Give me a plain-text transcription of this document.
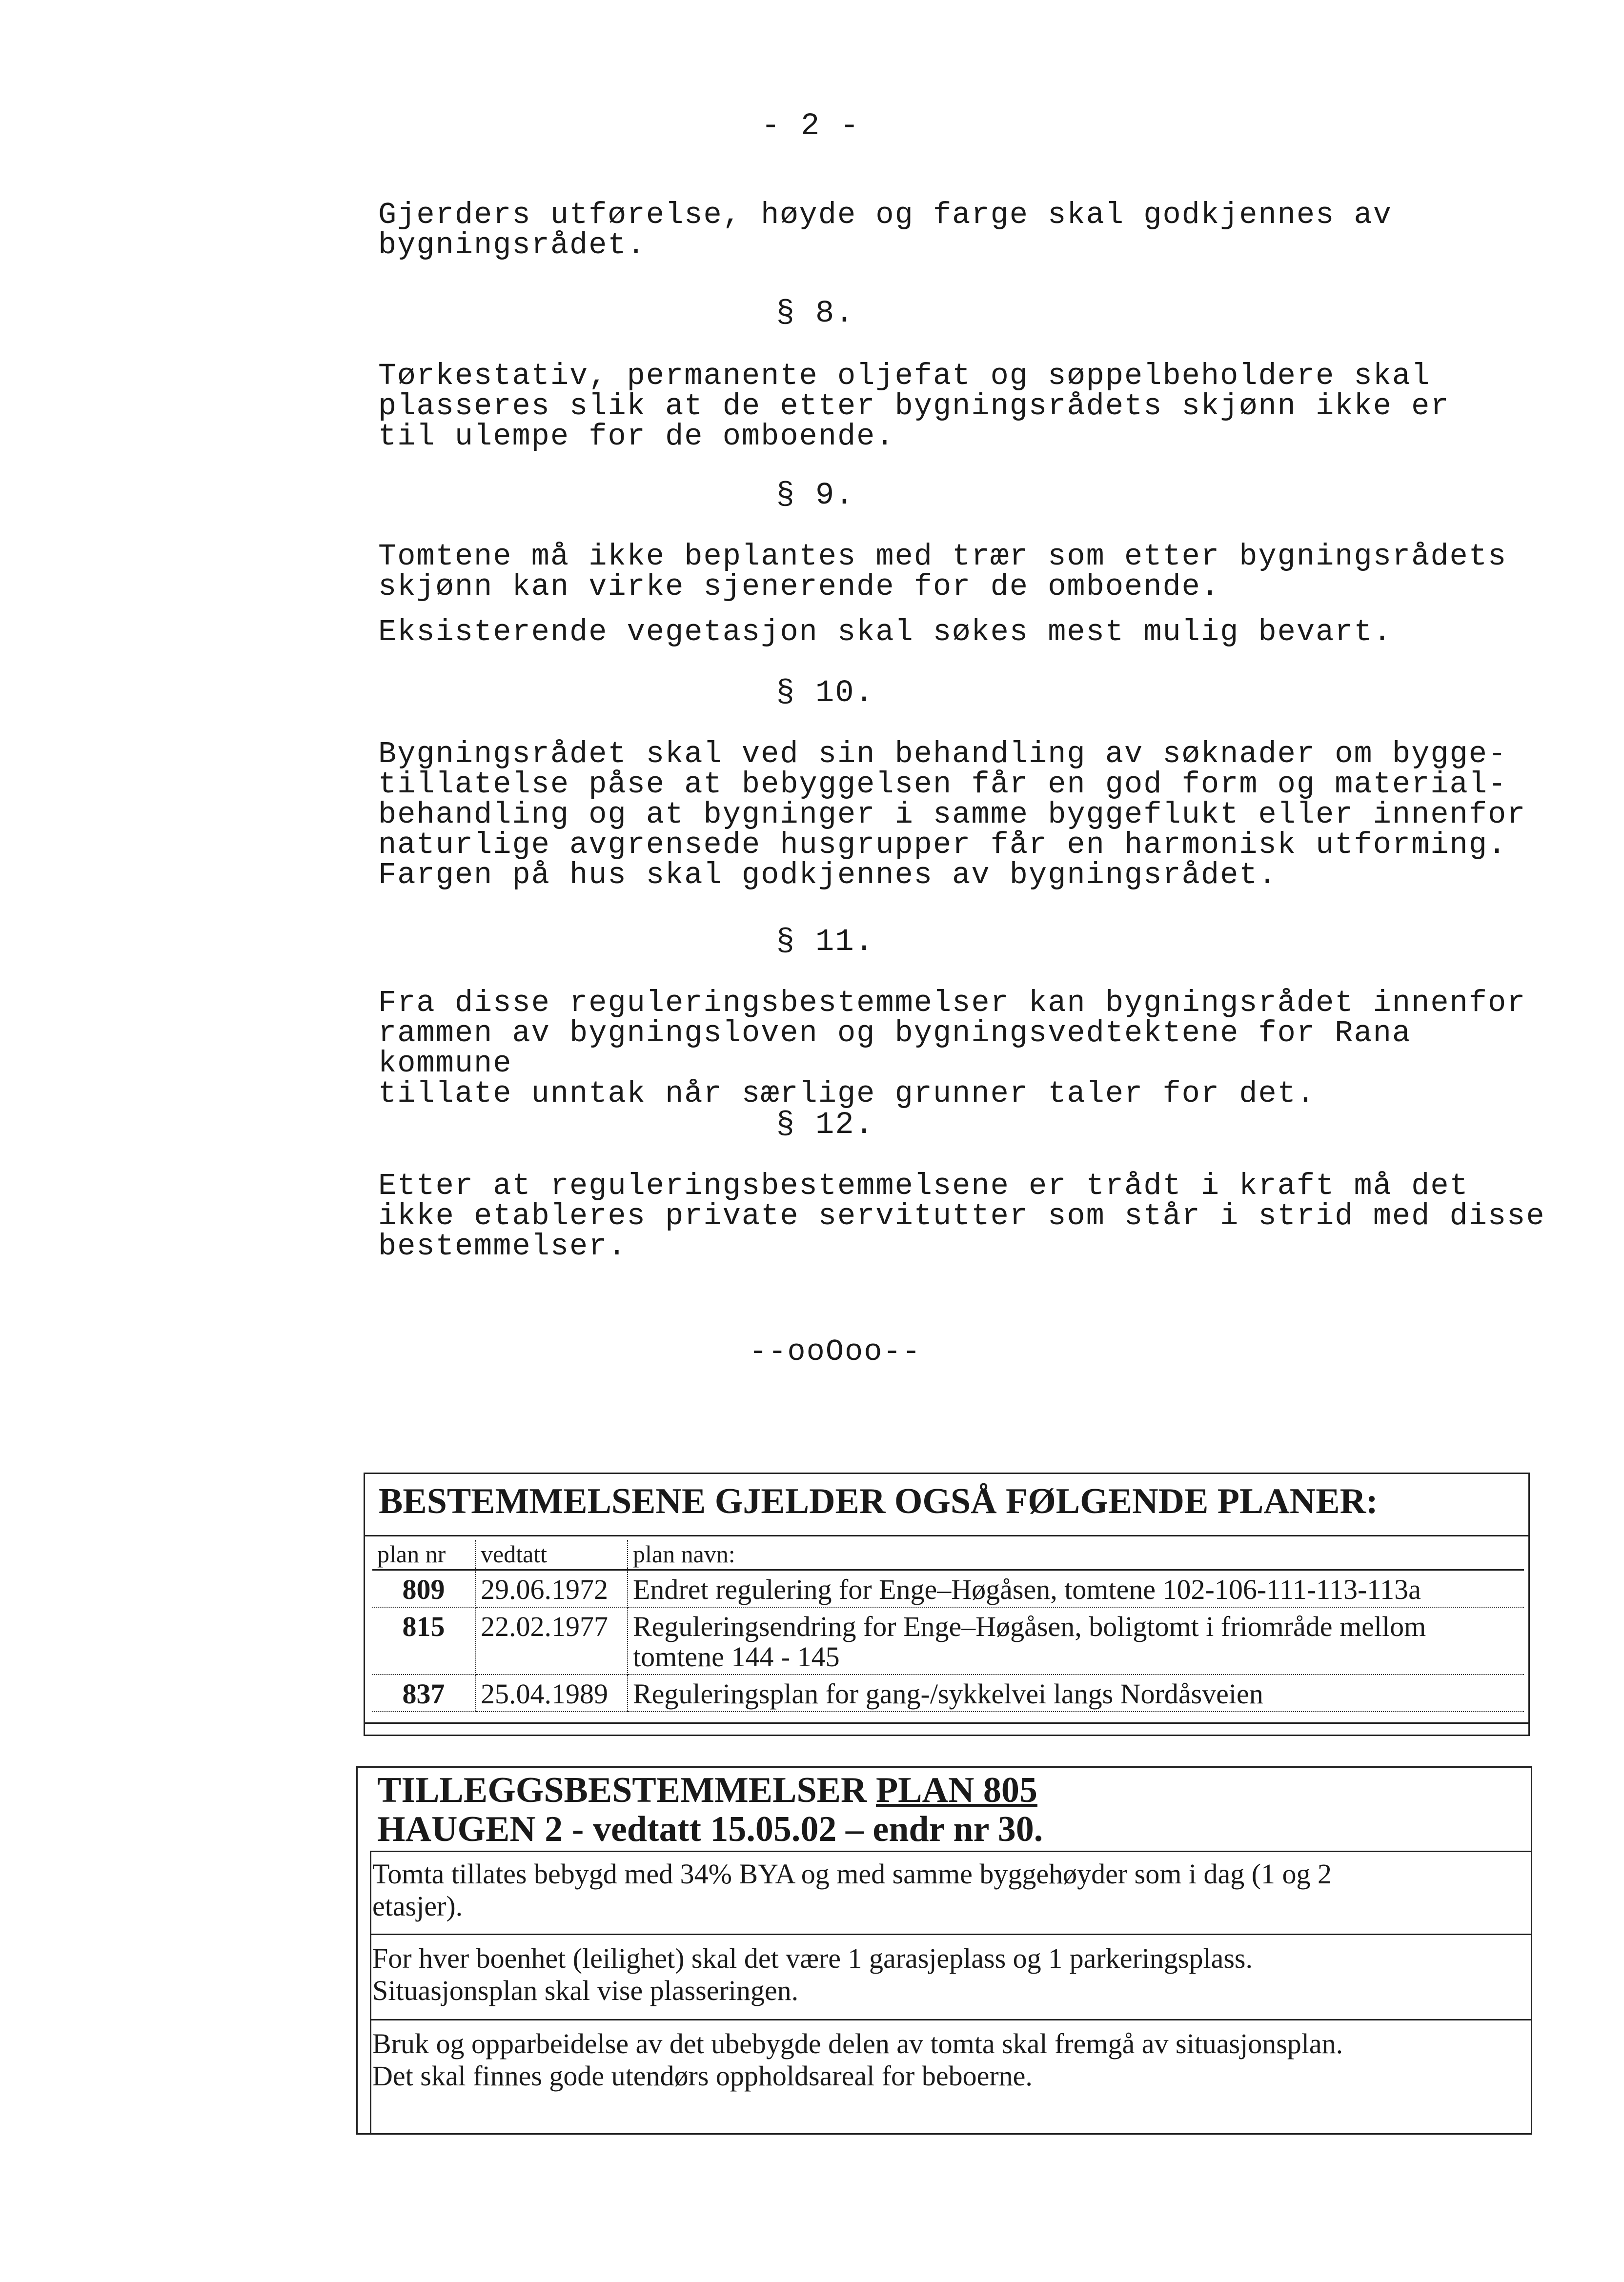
- 2 -
Gjerders utførelse, høyde og farge skal godkjennes av
bygningsrådet.
§ 8.
Tørkestativ, permanente oljefat og søppelbeholdere skal
plasseres slik at de etter bygningsrådets skjønn ikke er
til ulempe for de omboende.
§ 9.
Tomtene må ikke beplantes med trær som etter bygningsrådets
skjønn kan virke sjenerende for de omboende.
Eksisterende vegetasjon skal søkes mest mulig bevart.
§ 10.
Bygningsrådet skal ved sin behandling av søknader om bygge-
tillatelse påse at bebyggelsen får en god form og material-
behandling og at bygninger i samme byggeflukt eller innenfor
naturlige avgrensede husgrupper får en harmonisk utforming.
Fargen på hus skal godkjennes av bygningsrådet.
§ 11.
Fra disse reguleringsbestemmelser kan bygningsrådet innenfor
rammen av bygningsloven og bygningsvedtektene for Rana kommune
tillate unntak når særlige grunner taler for det.
§ 12.
Etter at reguleringsbestemmelsene er trådt i kraft må det
ikke etableres private servitutter som står i strid med disse
bestemmelser.
--ooOoo--
BESTEMMELSENE GJELDER OGSÅ FØLGENDE PLANER:
plan nr	vedtatt	plan navn:
809	29.06.1972	Endret regulering for Enge–Høgåsen, tomtene 102-106-111-113-113a
815	22.02.1977	Reguleringsendring for Enge–Høgåsen, boligtomt i friområde mellom
tomtene 144 - 145
837	25.04.1989	Reguleringsplan for gang-/sykkelvei langs Nordåsveien
TILLEGGSBESTEMMELSER PLAN 805
HAUGEN 2 - vedtatt 15.05.02 – endr nr 30.
Tomta tillates bebygd med 34% BYA og med samme byggehøyder som i dag (1 og 2
etasjer).
For hver boenhet (leilighet) skal det være 1 garasjeplass og 1 parkeringsplass.
Situasjonsplan skal vise plasseringen.
Bruk og opparbeidelse av det ubebygde delen av tomta skal fremgå av situasjonsplan.
Det skal finnes gode utendørs oppholdsareal for beboerne.
